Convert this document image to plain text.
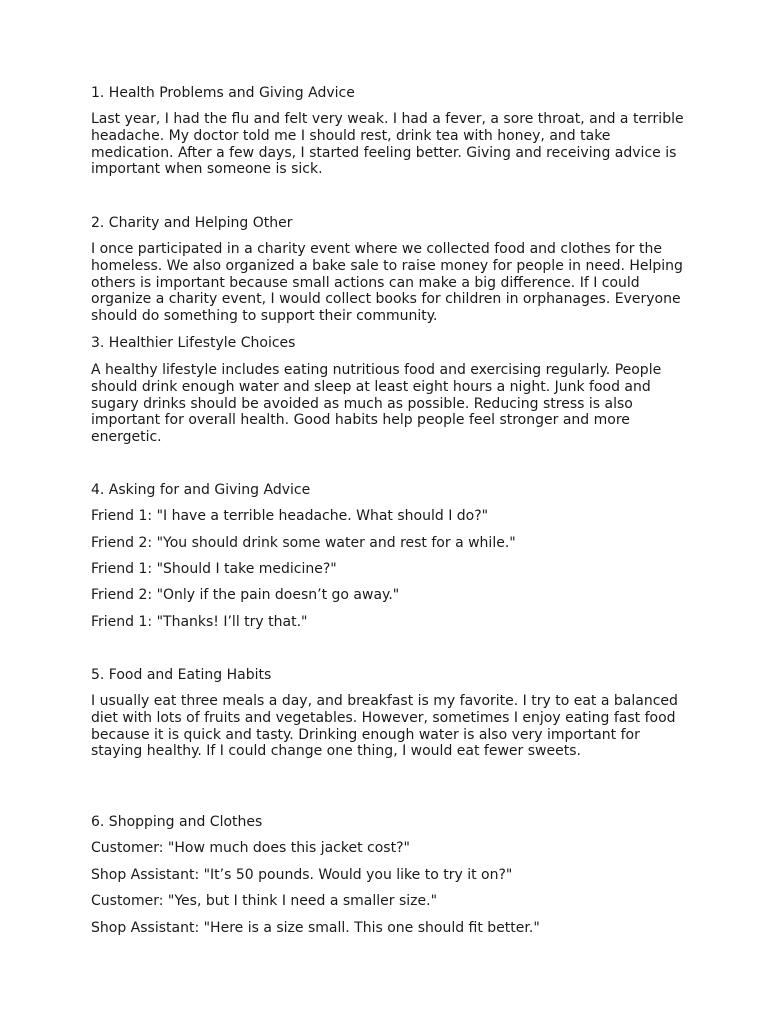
1. Health Problems and Giving Advice

Last year, I had the flu and felt very weak. I had a fever, a sore throat, and a terrible headache. My doctor told me I should rest, drink tea with honey, and take medication. After a few days, I started feeling better. Giving and receiving advice is important when someone is sick.

2. Charity and Helping Other

I once participated in a charity event where we collected food and clothes for the homeless. We also organized a bake sale to raise money for people in need. Helping others is important because small actions can make a big difference. If I could organize a charity event, I would collect books for children in orphanages. Everyone should do something to support their community.

3. Healthier Lifestyle Choices

A healthy lifestyle includes eating nutritious food and exercising regularly. People should drink enough water and sleep at least eight hours a night. Junk food and sugary drinks should be avoided as much as possible. Reducing stress is also important for overall health. Good habits help people feel stronger and more energetic.

4. Asking for and Giving Advice

Friend 1: "I have a terrible headache. What should I do?"

Friend 2: "You should drink some water and rest for a while."

Friend 1: "Should I take medicine?"

Friend 2: "Only if the pain doesn’t go away."

Friend 1: "Thanks! I’ll try that."

5. Food and Eating Habits

I usually eat three meals a day, and breakfast is my favorite. I try to eat a balanced diet with lots of fruits and vegetables. However, sometimes I enjoy eating fast food because it is quick and tasty. Drinking enough water is also very important for staying healthy. If I could change one thing, I would eat fewer sweets.

6. Shopping and Clothes

Customer: "How much does this jacket cost?"

Shop Assistant: "It’s 50 pounds. Would you like to try it on?"

Customer: "Yes, but I think I need a smaller size."

Shop Assistant: "Here is a size small. This one should fit better."
